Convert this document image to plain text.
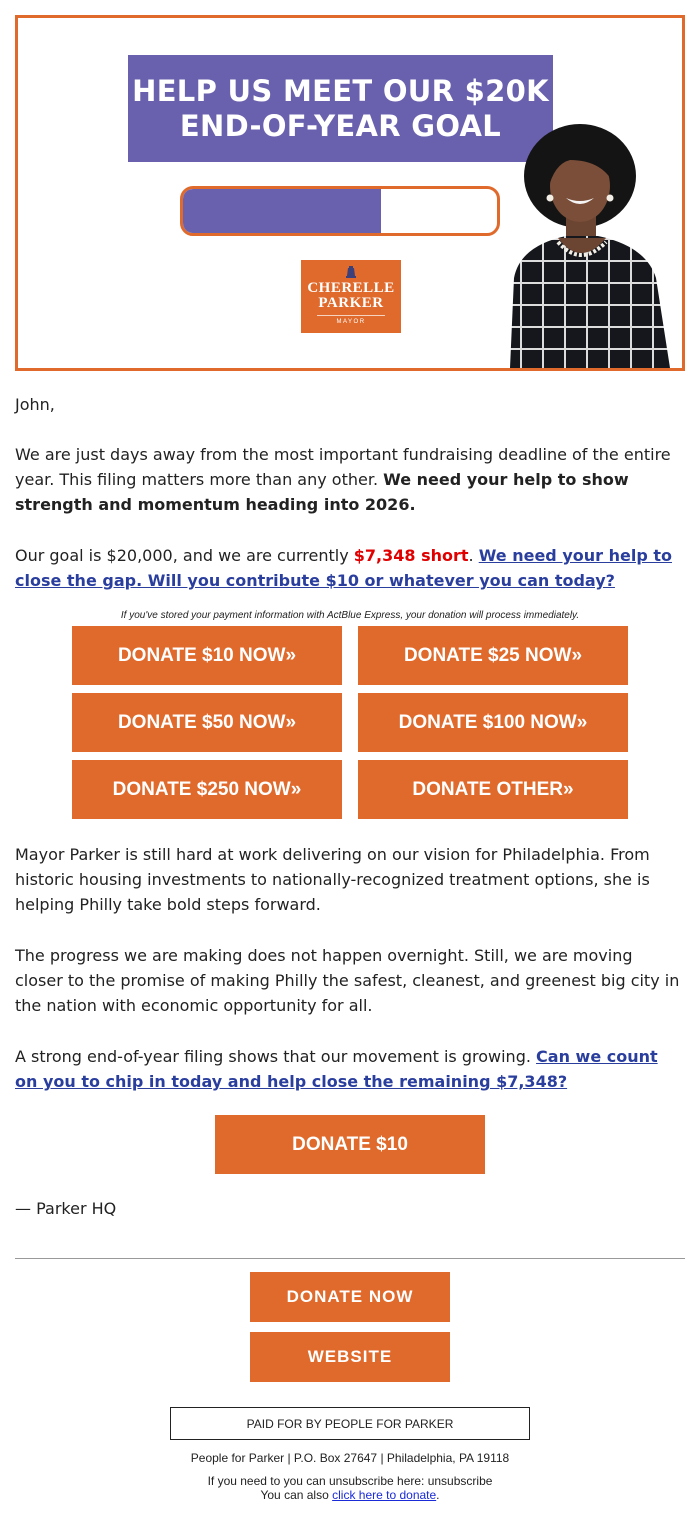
HELP US MEET OUR $20K
END-OF-YEAR GOAL

CHERELLE
PARKER
MAYOR

John,

We are just days away from the most important fundraising deadline of the entire year. This filing matters more than any other. We need your help to show strength and momentum heading into 2026.

Our goal is $20,000, and we are currently $7,348 short. We need your help to close the gap. Will you contribute $10 or whatever you can today?

If you've stored your payment information with ActBlue Express, your donation will process immediately.
DONATE $10 NOW»	DONATE $25 NOW»
DONATE $50 NOW»	DONATE $100 NOW»
DONATE $250 NOW»	DONATE OTHER»

Mayor Parker is still hard at work delivering on our vision for Philadelphia. From historic housing investments to nationally-recognized treatment options, she is helping Philly take bold steps forward.

The progress we are making does not happen overnight. Still, we are moving closer to the promise of making Philly the safest, cleanest, and greenest big city in the nation with economic opportunity for all.

A strong end-of-year filing shows that our movement is growing. Can we count on you to chip in today and help close the remaining $7,348?

DONATE $10

— Parker HQ

DONATE NOW
WEBSITE
PAID FOR BY PEOPLE FOR PARKER
People for Parker | P.O. Box 27647 | Philadelphia, PA 19118
If you need to you can unsubscribe here: unsubscribe
You can also click here to donate.
